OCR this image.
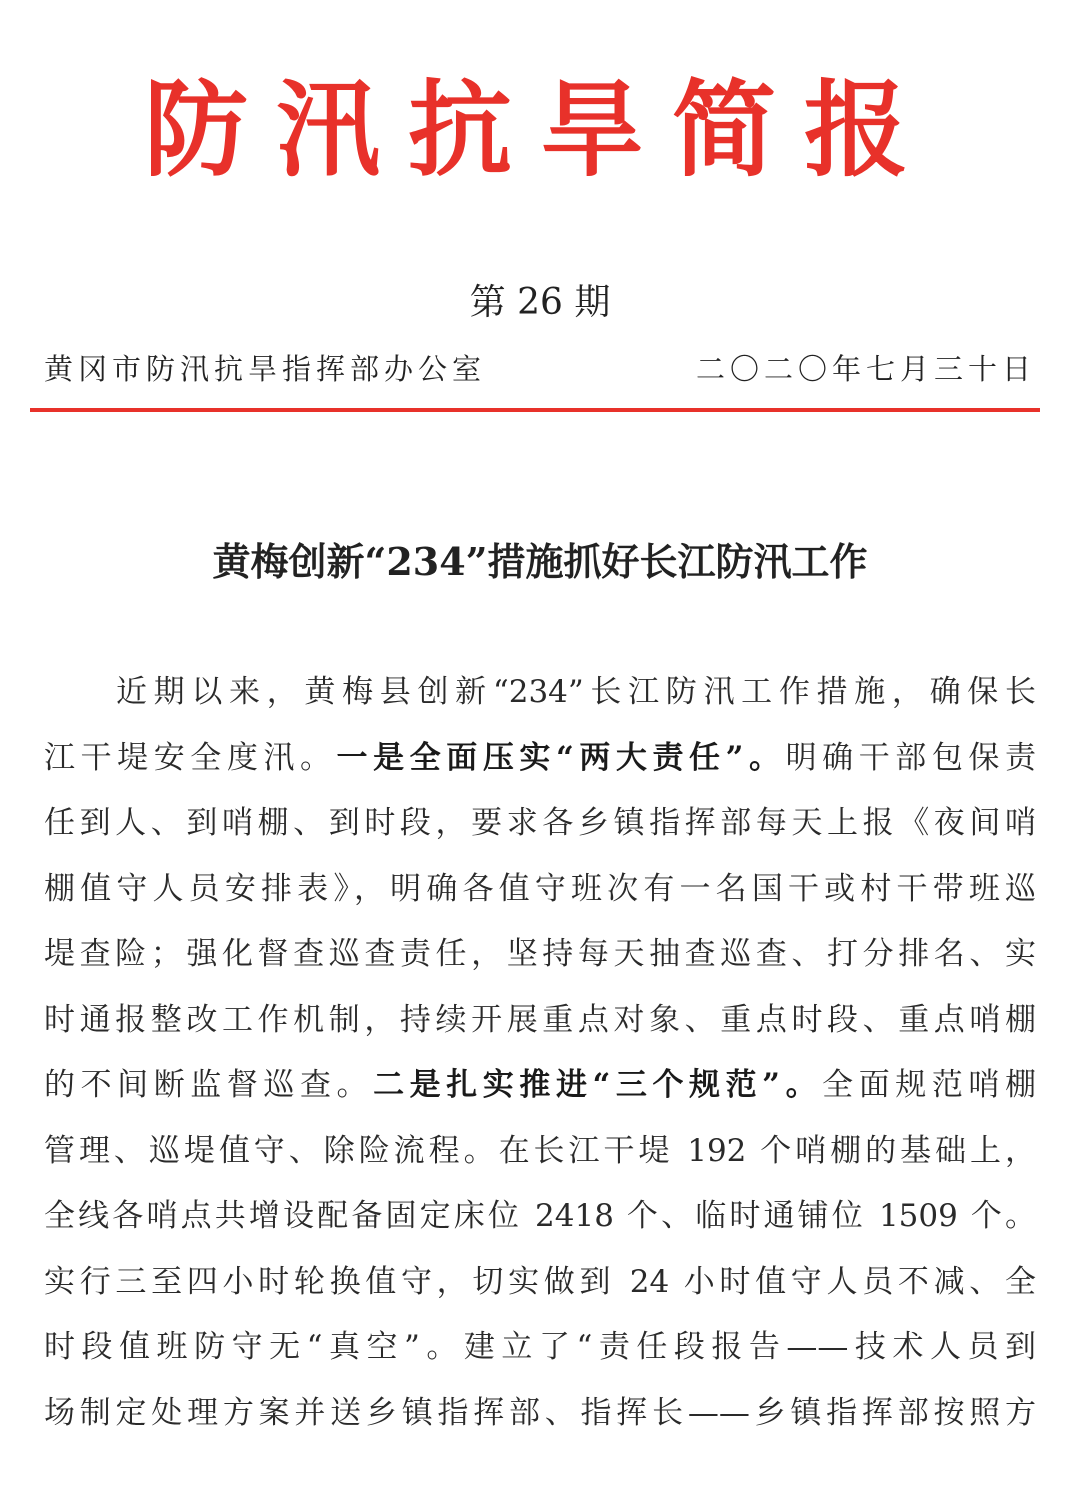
防汛抗旱简报
第 26 期
黄冈市防汛抗旱指挥部办公室	二〇二〇年七月三十日
黄梅创新“234”措施抓好长江防汛工作
近期以来，黄梅县创新“234”长江防汛工作措施，确保长
江干堤安全度汛。一是全面压实“两大责任”。明确干部包保责
任到人、到哨棚、到时段，要求各乡镇指挥部每天上报《夜间哨
棚值守人员安排表》，明确各值守班次有一名国干或村干带班巡
堤查险；强化督查巡查责任，坚持每天抽查巡查、打分排名、实
时通报整改工作机制，持续开展重点对象、重点时段、重点哨棚
的不间断监督巡查。二是扎实推进“三个规范”。全面规范哨棚
管理、巡堤值守、除险流程。在长江干堤 192 个哨棚的基础上，
全线各哨点共增设配备固定床位 2418 个、临时通铺位 1509 个。
实行三至四小时轮换值守，切实做到 24 小时值守人员不减、全
时段值班防守无“真空”。建立了“责任段报告——技术人员到
场制定处理方案并送乡镇指挥部、指挥长——乡镇指挥部按照方
